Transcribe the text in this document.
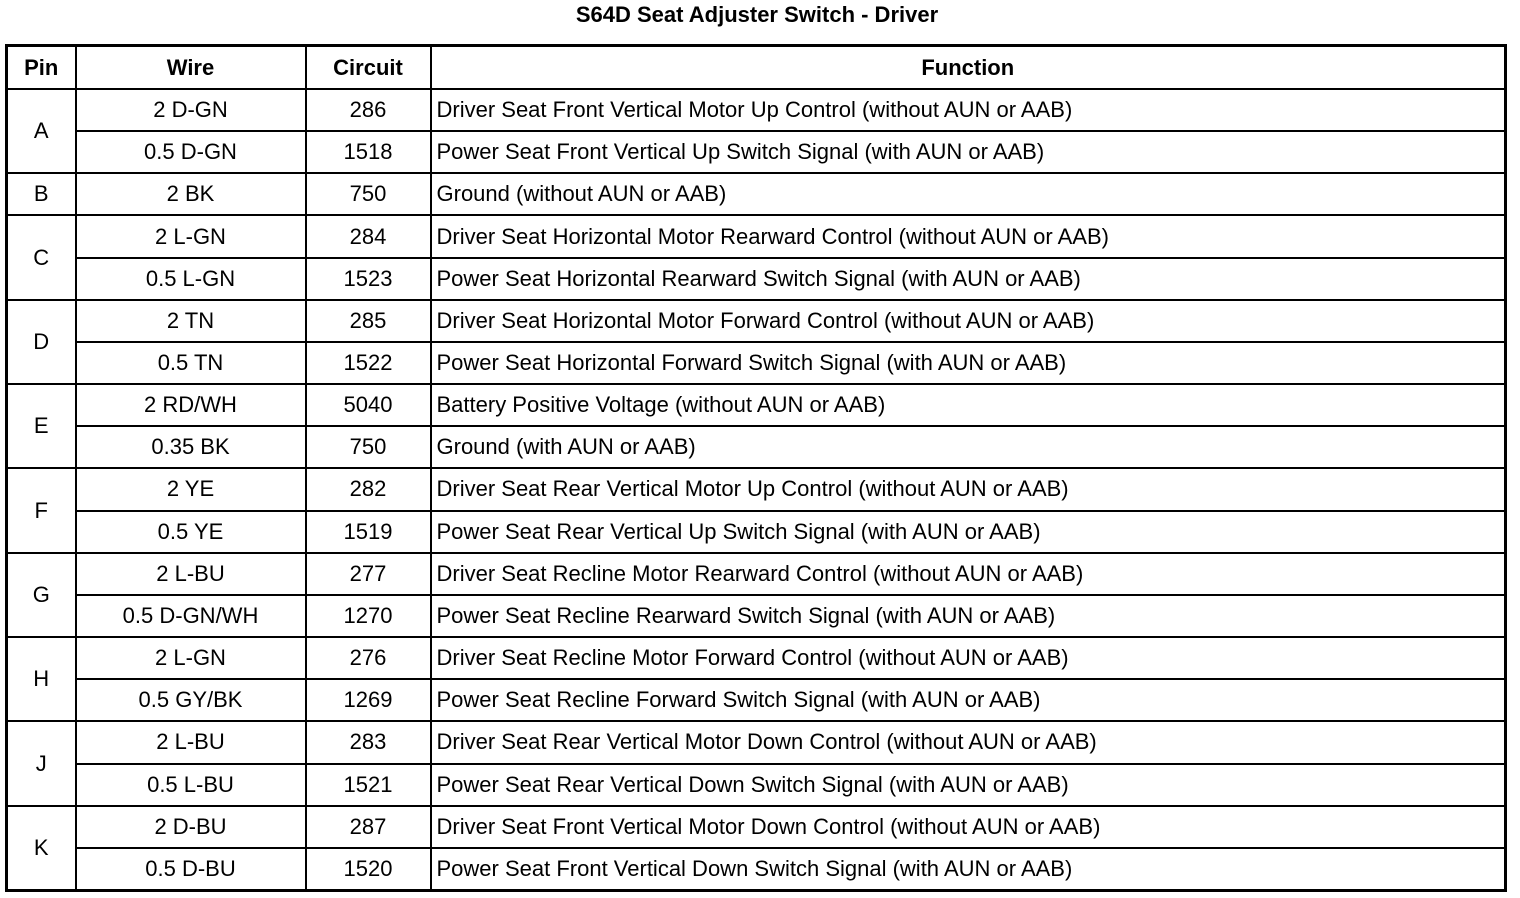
S64D Seat Adjuster Switch - Driver
Pin	Wire	Circuit	Function
A	2 D-GN	286	Driver Seat Front Vertical Motor Up Control (without AUN or AAB)
	0.5 D-GN	1518	Power Seat Front Vertical Up Switch Signal (with AUN or AAB)
B	2 BK	750	Ground (without AUN or AAB)
C	2 L-GN	284	Driver Seat Horizontal Motor Rearward Control (without AUN or AAB)
	0.5 L-GN	1523	Power Seat Horizontal Rearward Switch Signal (with AUN or AAB)
D	2 TN	285	Driver Seat Horizontal Motor Forward Control (without AUN or AAB)
	0.5 TN	1522	Power Seat Horizontal Forward Switch Signal (with AUN or AAB)
E	2 RD/WH	5040	Battery Positive Voltage (without AUN or AAB)
	0.35 BK	750	Ground (with AUN or AAB)
F	2 YE	282	Driver Seat Rear Vertical Motor Up Control (without AUN or AAB)
	0.5 YE	1519	Power Seat Rear Vertical Up Switch Signal (with AUN or AAB)
G	2 L-BU	277	Driver Seat Recline Motor Rearward Control (without AUN or AAB)
	0.5 D-GN/WH	1270	Power Seat Recline Rearward Switch Signal (with AUN or AAB)
H	2 L-GN	276	Driver Seat Recline Motor Forward Control (without AUN or AAB)
	0.5 GY/BK	1269	Power Seat Recline Forward Switch Signal (with AUN or AAB)
J	2 L-BU	283	Driver Seat Rear Vertical Motor Down Control (without AUN or AAB)
	0.5 L-BU	1521	Power Seat Rear Vertical Down Switch Signal (with AUN or AAB)
K	2 D-BU	287	Driver Seat Front Vertical Motor Down Control (without AUN or AAB)
	0.5 D-BU	1520	Power Seat Front Vertical Down Switch Signal (with AUN or AAB)
